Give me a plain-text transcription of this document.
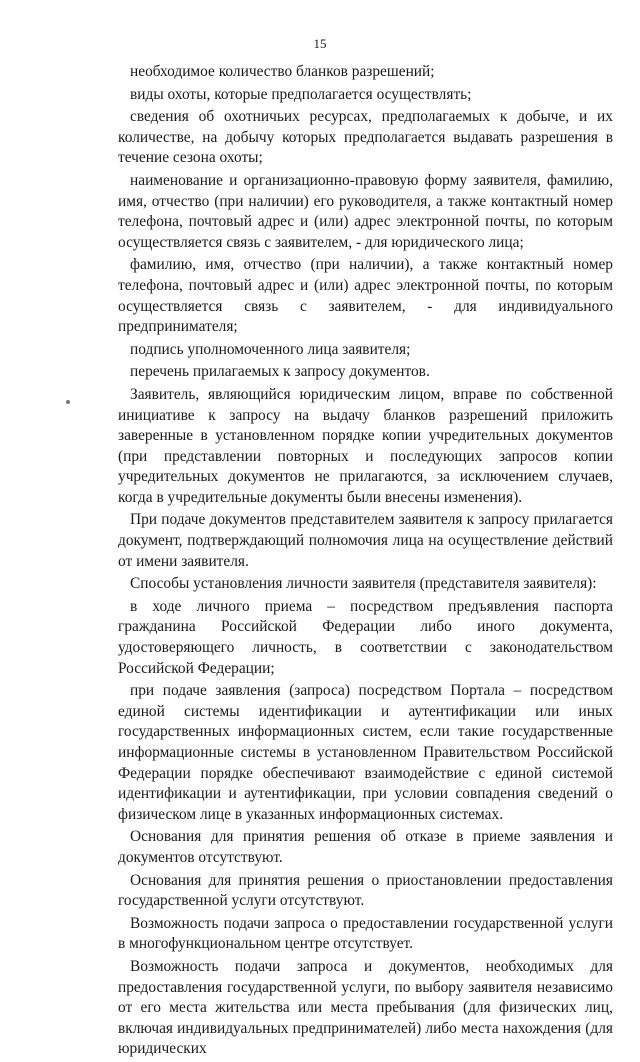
15

необходимое количество бланков разрешений;

виды охоты, которые предполагается осуществлять;

сведения об охотничьих ресурсах, предполагаемых к добыче, и их количестве, на добычу которых предполагается выдавать разрешения в течение сезона охоты;

наименование и организационно-правовую форму заявителя, фамилию, имя, отчество (при наличии) его руководителя, а также контактный номер телефона, почтовый адрес и (или) адрес электронной почты, по которым осуществляется связь с заявителем, - для юридического лица;

фамилию, имя, отчество (при наличии), а также контактный номер телефона, почтовый адрес и (или) адрес электронной почты, по которым осуществляется связь с заявителем, - для индивидуального предпринимателя;

подпись уполномоченного лица заявителя;

перечень прилагаемых к запросу документов.

Заявитель, являющийся юридическим лицом, вправе по собственной инициативе к запросу на выдачу бланков разрешений приложить заверенные в установленном порядке копии учредительных документов (при представлении повторных и последующих запросов копии учредительных документов не прилагаются, за исключением случаев, когда в учредительные документы были внесены изменения).

При подаче документов представителем заявителя к запросу прилагается документ, подтверждающий полномочия лица на осуществление действий от имени заявителя.

Способы установления личности заявителя (представителя заявителя):

в ходе личного приема – посредством предъявления паспорта гражданина Российской Федерации либо иного документа, удостоверяющего личность, в соответствии с законодательством Российской Федерации;

при подаче заявления (запроса) посредством Портала – посредством единой системы идентификации и аутентификации или иных государственных информационных систем, если такие государственные информационные системы в установленном Правительством Российской Федерации порядке обеспечивают взаимодействие с единой системой идентификации и аутентификации, при условии совпадения сведений о физическом лице в указанных информационных системах.

Основания для принятия решения об отказе в приеме заявления и документов отсутствуют.

Основания для принятия решения о приостановлении предоставления государственной услуги отсутствуют.

Возможность подачи запроса о предоставлении государственной услуги в многофункциональном центре отсутствует.

Возможность подачи запроса и документов, необходимых для предоставления государственной услуги, по выбору заявителя независимо от его места жительства или места пребывания (для физических лиц, включая индивидуальных предпринимателей) либо места нахождения (для юридических
